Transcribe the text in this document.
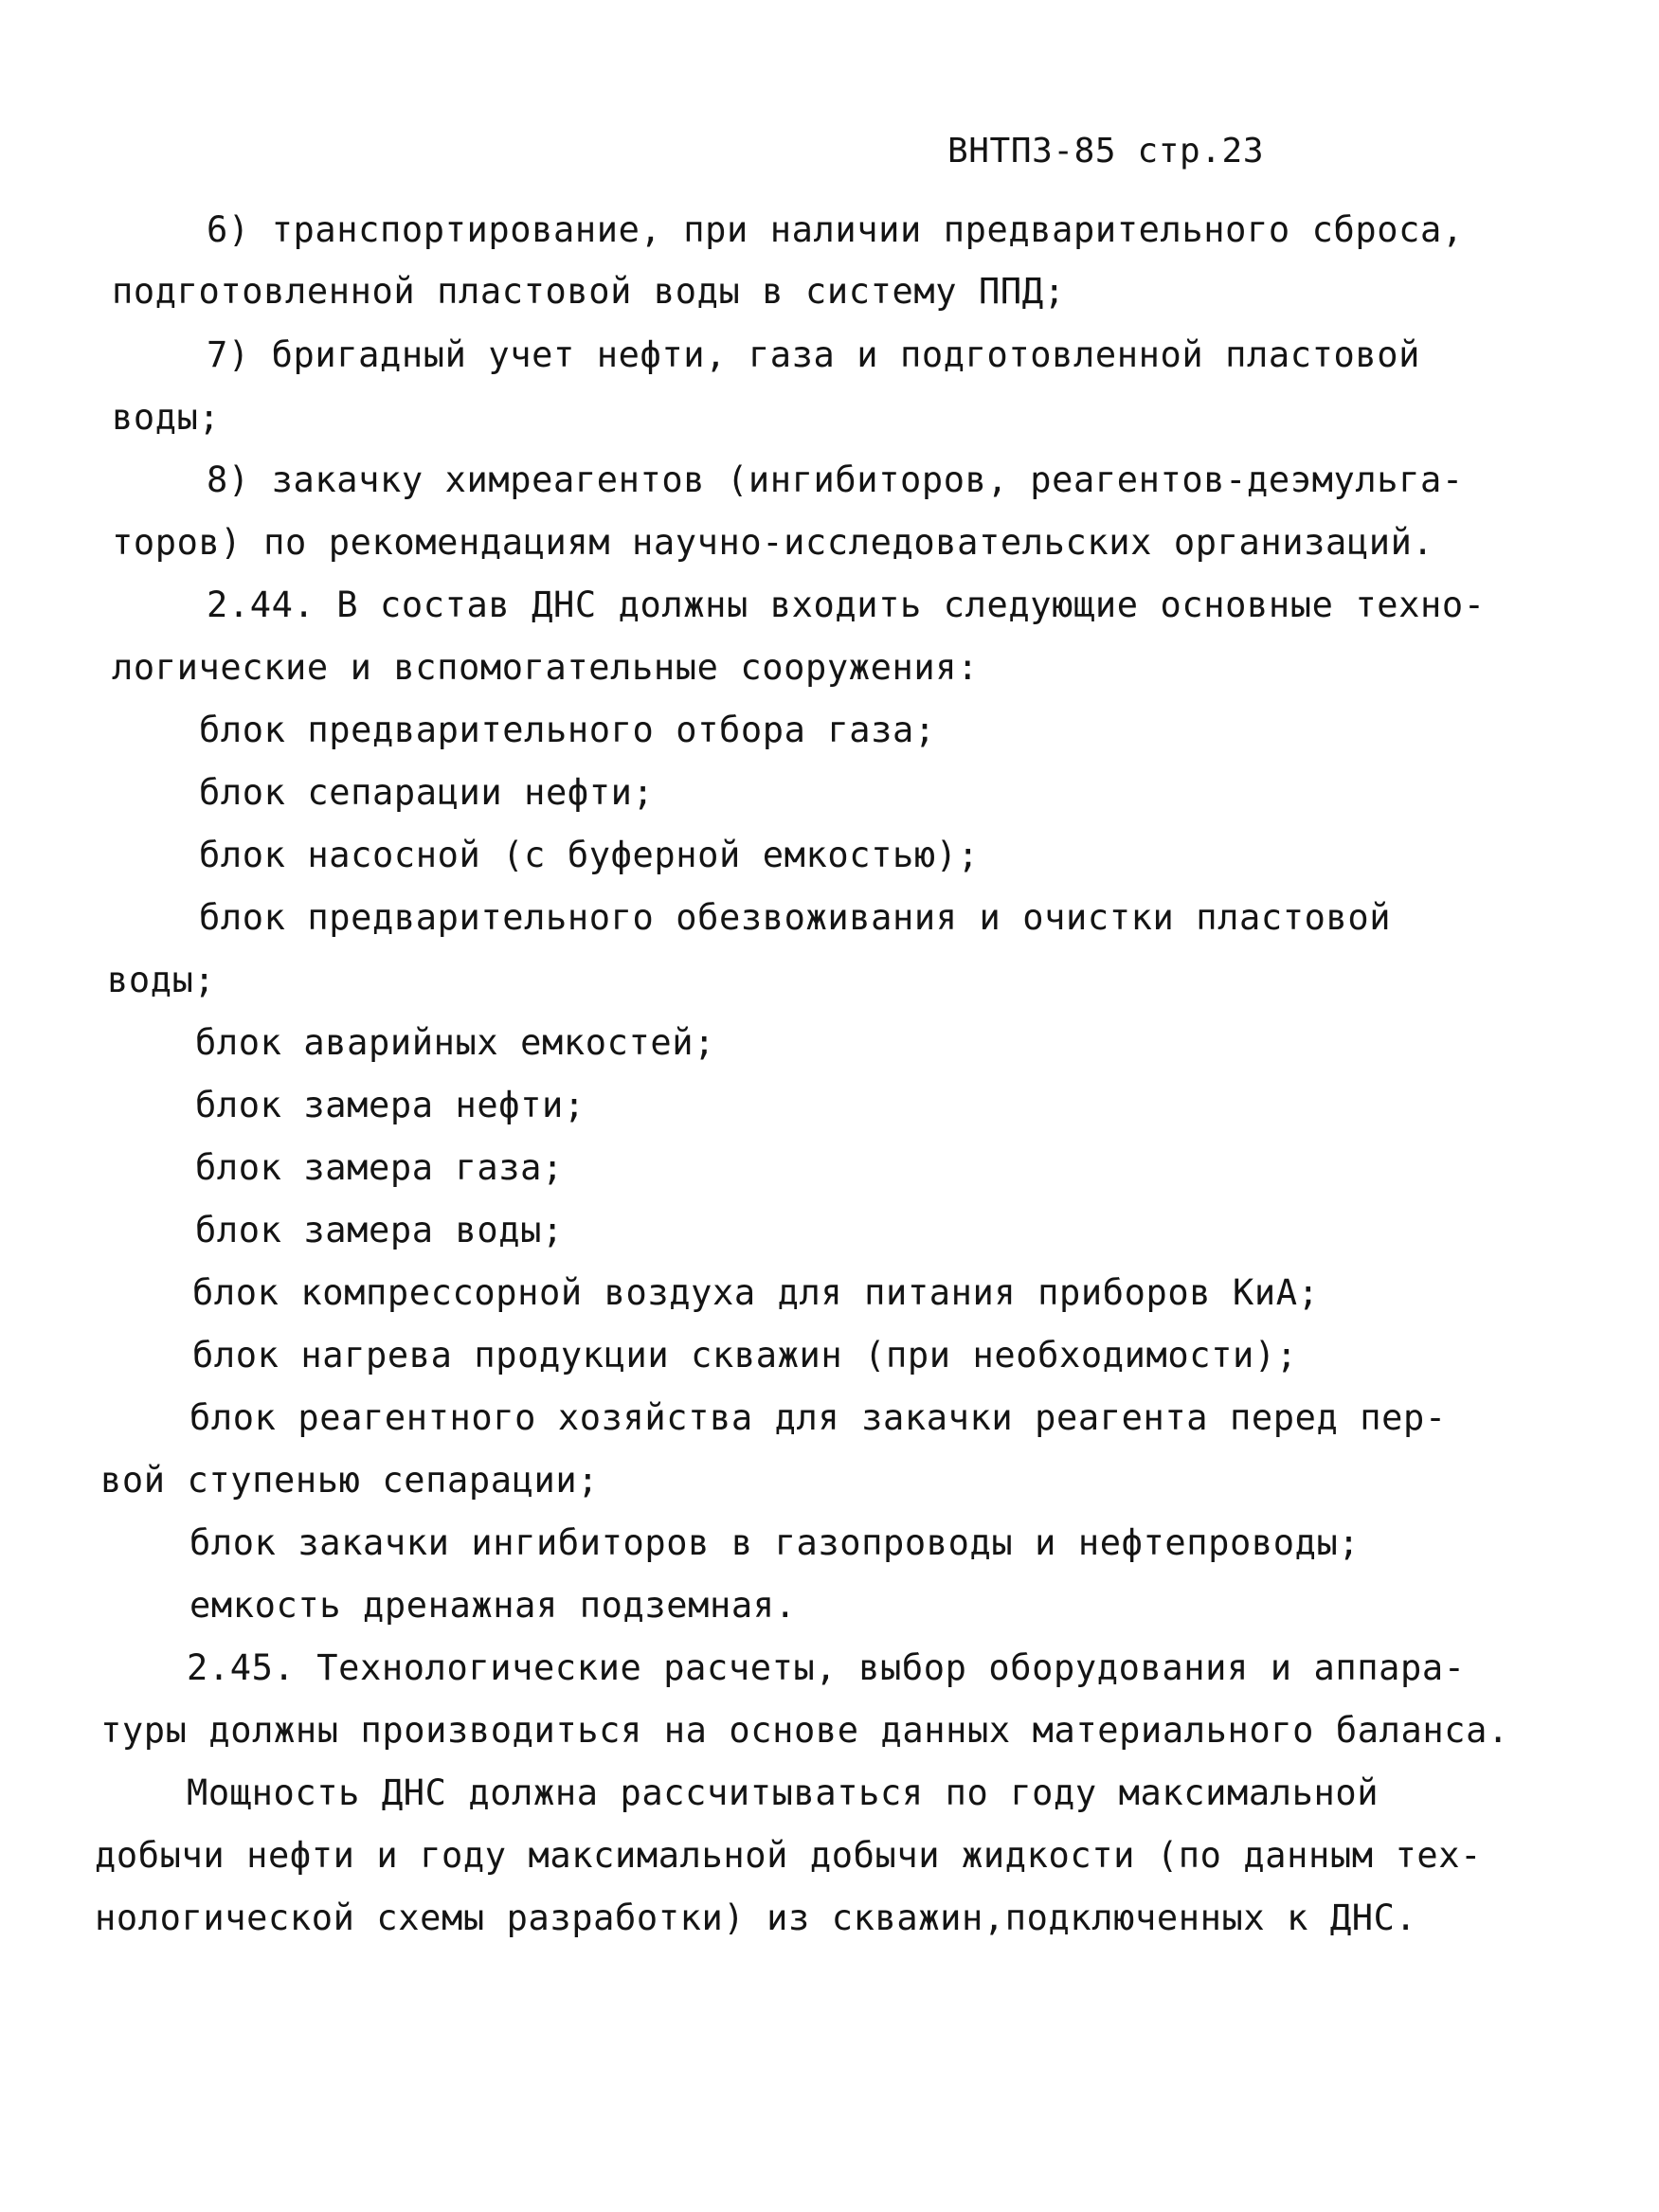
ВНТП3-85 стр.23
6) транспортирование, при наличии предварительного сброса,
подготовленной пластовой воды в систему ППД;
7) бригадный учет нефти, газа и подготовленной пластовой
воды;
8) закачку химреагентов (ингибиторов, реагентов-деэмульга-
торов) по рекомендациям научно-исследовательских организаций.
2.44. В состав ДНС должны входить следующие основные техно-
логические и вспомогательные сооружения:
блок предварительного отбора газа;
блок сепарации нефти;
блок насосной (с буферной емкостью);
блок предварительного обезвоживания и очистки пластовой
воды;
блок аварийных емкостей;
блок замера нефти;
блок замера газа;
блок замера воды;
блок компрессорной воздуха для питания приборов КиА;
блок нагрева продукции скважин (при необходимости);
блок реагентного хозяйства для закачки реагента перед пер-
вой ступенью сепарации;
блок закачки ингибиторов в газопроводы и нефтепроводы;
емкость дренажная подземная.
2.45. Технологические расчеты, выбор оборудования и аппара-
туры должны производиться на основе данных материального баланса.
Мощность ДНС должна рассчитываться по году максимальной
добычи нефти и году максимальной добычи жидкости (по данным тех-
нологической схемы разработки) из скважин,подключенных к ДНС.
